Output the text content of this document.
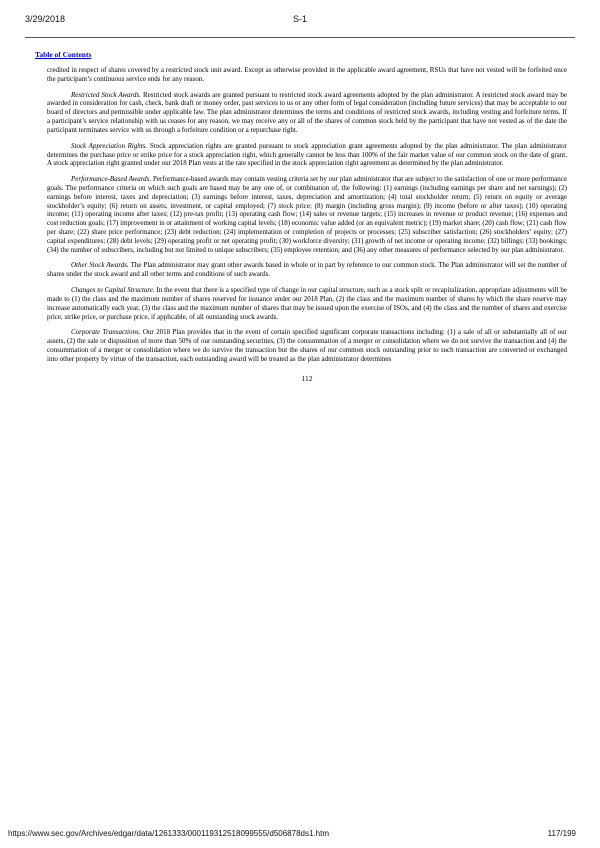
3/29/2018	S-1
Table of Contents
credited in respect of shares covered by a restricted stock unit award. Except as otherwise provided in the applicable award agreement, RSUs that have not vested will be forfeited once the participant’s continuous service ends for any reason.
Restricted Stock Awards. Restricted stock awards are granted pursuant to restricted stock award agreements adopted by the plan administrator. A restricted stock award may be awarded in consideration for cash, check, bank draft or money order, past services to us or any other form of legal consideration (including future services) that may be acceptable to our board of directors and permissible under applicable law. The plan administrator determines the terms and conditions of restricted stock awards, including vesting and forfeiture terms. If a participant’s service relationship with us ceases for any reason, we may receive any or all of the shares of common stock held by the participant that have not vested as of the date the participant terminates service with us through a forfeiture condition or a repurchase right.
Stock Appreciation Rights. Stock appreciation rights are granted pursuant to stock appreciation grant agreements adopted by the plan administrator. The plan administrator determines the purchase price or strike price for a stock appreciation right, which generally cannot be less than 100% of the fair market value of our common stock on the date of grant. A stock appreciation right granted under our 2018 Plan vests at the rate specified in the stock appreciation right agreement as determined by the plan administrator.
Performance-Based Awards. Performance-based awards may contain vesting criteria set by our plan administrator that are subject to the satisfaction of one or more performance goals. The performance criteria on which such goals are based may be any one of, or combination of, the following: (1) earnings (including earnings per share and net earnings); (2) earnings before interest, taxes and depreciation; (3) earnings before interest, taxes, depreciation and amortization; (4) total stockholder return; (5) return on equity or average stockholder’s equity; (6) return on assets, investment, or capital employed; (7) stock price; (8) margin (including gross margin); (9) income (before or after taxes); (10) operating income; (11) operating income after taxes; (12) pre-tax profit; (13) operating cash flow; (14) sales or revenue targets; (15) increases in revenue or product revenue; (16) expenses and cost reduction goals; (17) improvement in or attainment of working capital levels; (18) economic value added (or an equivalent metric); (19) market share; (20) cash flow; (21) cash flow per share; (22) share price performance; (23) debt reduction; (24) implementation or completion of projects or processes; (25) subscriber satisfaction; (26) stockholders’ equity; (27) capital expenditures; (28) debt levels; (29) operating profit or net operating profit; (30) workforce diversity; (31) growth of net income or operating income; (32) billings; (33) bookings; (34) the number of subscribers, including but not limited to unique subscribers; (35) employee retention; and (36) any other measures of performance selected by our plan administrator.
Other Stock Awards. The Plan administrator may grant other awards based in whole or in part by reference to our common stock. The Plan administrator will set the number of shares under the stock award and all other terms and conditions of such awards.
Changes to Capital Structure. In the event that there is a specified type of change in our capital structure, such as a stock split or recapitalization, appropriate adjustments will be made to (1) the class and the maximum number of shares reserved for issuance under our 2018 Plan, (2) the class and the maximum number of shares by which the share reserve may increase automatically each year, (3) the class and the maximum number of shares that may be issued upon the exercise of ISOs, and (4) the class and the number of shares and exercise price, strike price, or purchase price, if applicable, of all outstanding stock awards.
Corporate Transactions. Our 2018 Plan provides that in the event of certain specified significant corporate transactions including: (1) a sale of all or substantially all of our assets, (2) the sale or disposition of more than 50% of our outstanding securities, (3) the consummation of a merger or consolidation where we do not survive the transaction and (4) the consummation of a merger or consolidation where we do survive the transaction but the shares of our common stock outstanding prior to such transaction are converted or exchanged into other property by virtue of the transaction, each outstanding award will be treated as the plan administrator determines
112
https://www.sec.gov/Archives/edgar/data/1261333/000119312518099555/d506878ds1.htm	117/199
